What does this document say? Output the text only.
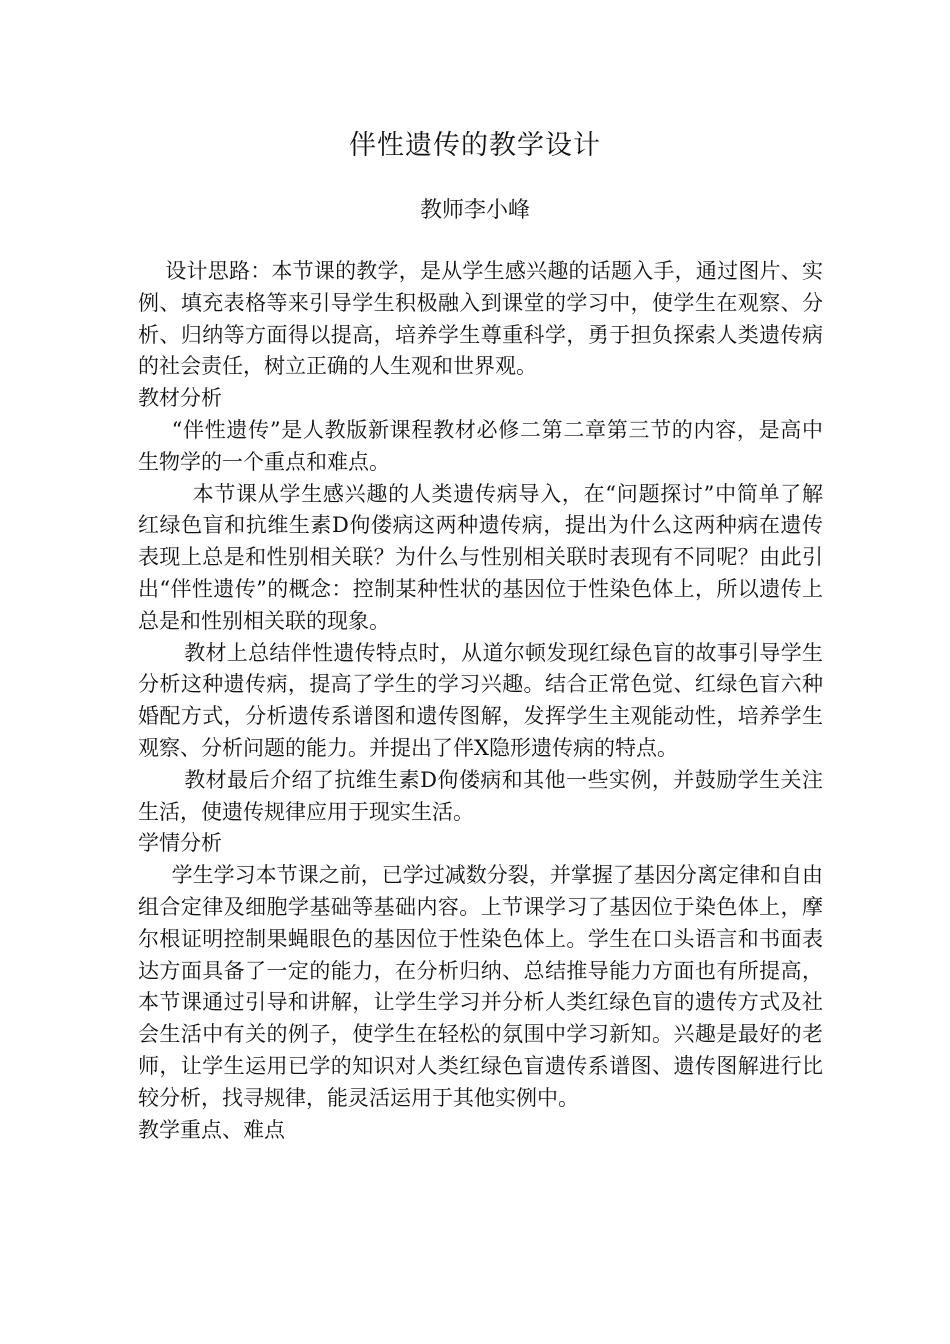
伴性遗传的教学设计
教师李小峰

设计思路：本节课的教学，是从学生感兴趣的话题入手，通过图片、实例、填充表格等来引导学生积极融入到课堂的学习中，使学生在观察、分析、归纳等方面得以提高，培养学生尊重科学，勇于担负探索人类遗传病的社会责任，树立正确的人生观和世界观。

教材分析

“伴性遗传”是人教版新课程教材必修二第二章第三节的内容，是高中生物学的一个重点和难点。

本节课从学生感兴趣的人类遗传病导入，在“问题探讨”中简单了解红绿色盲和抗维生素D佝偻病这两种遗传病，提出为什么这两种病在遗传表现上总是和性别相关联？为什么与性别相关联时表现有不同呢？由此引出“伴性遗传”的概念：控制某种性状的基因位于性染色体上，所以遗传上总是和性别相关联的现象。

教材上总结伴性遗传特点时，从道尔顿发现红绿色盲的故事引导学生分析这种遗传病，提高了学生的学习兴趣。结合正常色觉、红绿色盲六种婚配方式，分析遗传系谱图和遗传图解，发挥学生主观能动性，培养学生观察、分析问题的能力。并提出了伴X隐形遗传病的特点。

教材最后介绍了抗维生素D佝偻病和其他一些实例，并鼓励学生关注生活，使遗传规律应用于现实生活。

学情分析

学生学习本节课之前，已学过减数分裂，并掌握了基因分离定律和自由组合定律及细胞学基础等基础内容。上节课学习了基因位于染色体上，摩尔根证明控制果蝇眼色的基因位于性染色体上。学生在口头语言和书面表达方面具备了一定的能力，在分析归纳、总结推导能力方面也有所提高，本节课通过引导和讲解，让学生学习并分析人类红绿色盲的遗传方式及社会生活中有关的例子，使学生在轻松的氛围中学习新知。兴趣是最好的老师，让学生运用已学的知识对人类红绿色盲遗传系谱图、遗传图解进行比较分析，找寻规律，能灵活运用于其他实例中。

教学重点、难点
